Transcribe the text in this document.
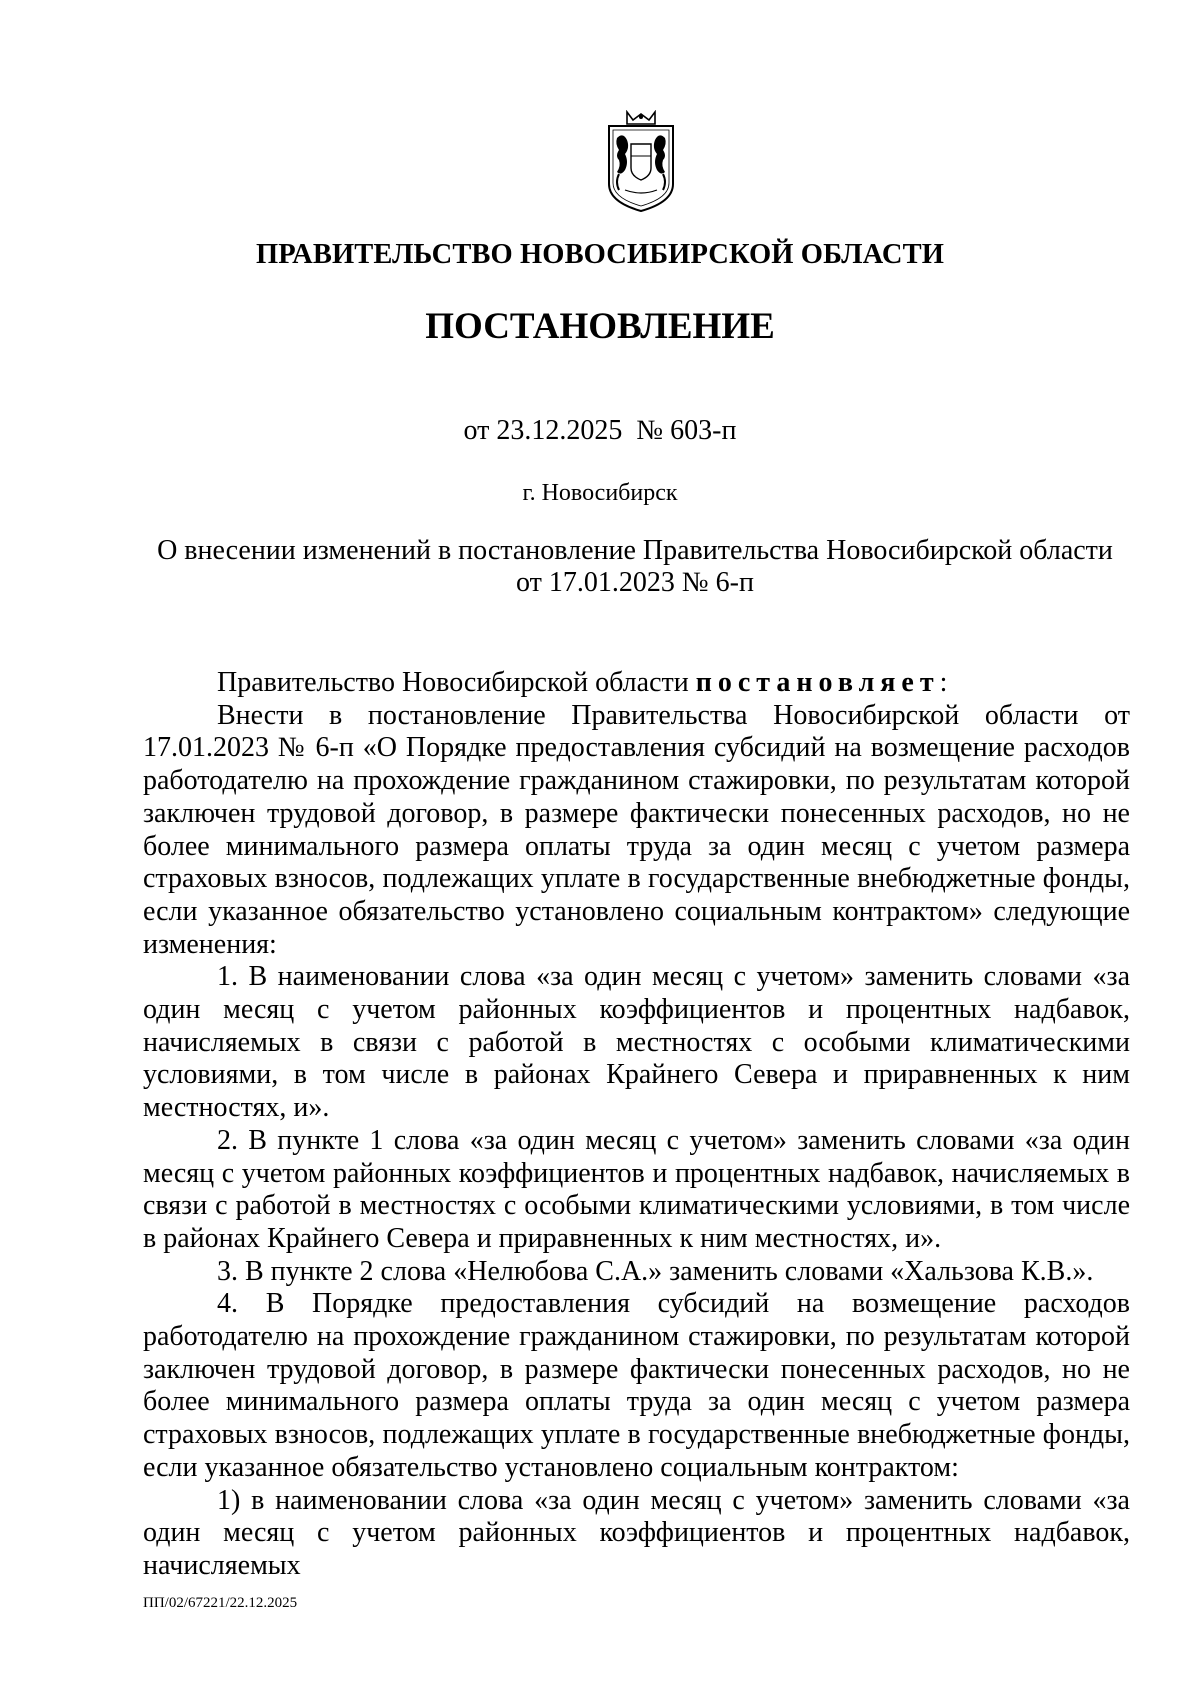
ПРАВИТЕЛЬСТВО НОВОСИБИРСКОЙ ОБЛАСТИ
ПОСТАНОВЛЕНИЕ
от 23.12.2025 № 603-п
г. Новосибирск
О внесении изменений в постановление Правительства Новосибирской области
от 17.01.2023 № 6-п

Правительство Новосибирской области постановляет:

Внести в постановление Правительства Новосибирской области от 17.01.2023 № 6-п «О Порядке предоставления субсидий на возмещение расходов работодателю на прохождение гражданином стажировки, по результатам которой заключен трудовой договор, в размере фактически понесенных расходов, но не более минимального размера оплаты труда за один месяц с учетом размера страховых взносов, подлежащих уплате в государственные внебюджетные фонды, если указанное обязательство установлено социальным контрактом» следующие изменения:

1. В наименовании слова «за один месяц с учетом» заменить словами «за один месяц с учетом районных коэффициентов и процентных надбавок, начисляемых в связи с работой в местностях с особыми климатическими условиями, в том числе в районах Крайнего Севера и приравненных к ним местностях, и».

2. В пункте 1 слова «за один месяц с учетом» заменить словами «за один месяц с учетом районных коэффициентов и процентных надбавок, начисляемых в связи с работой в местностях с особыми климатическими условиями, в том числе в районах Крайнего Севера и приравненных к ним местностях, и».

3. В пункте 2 слова «Нелюбова С.А.» заменить словами «Хальзова К.В.».

4. В Порядке предоставления субсидий на возмещение расходов работодателю на прохождение гражданином стажировки, по результатам которой заключен трудовой договор, в размере фактически понесенных расходов, но не более минимального размера оплаты труда за один месяц с учетом размера страховых взносов, подлежащих уплате в государственные внебюджетные фонды, если указанное обязательство установлено социальным контрактом:

1) в наименовании слова «за один месяц с учетом» заменить словами «за один месяц с учетом районных коэффициентов и процентных надбавок, начисляемых

ПП/02/67221/22.12.2025
